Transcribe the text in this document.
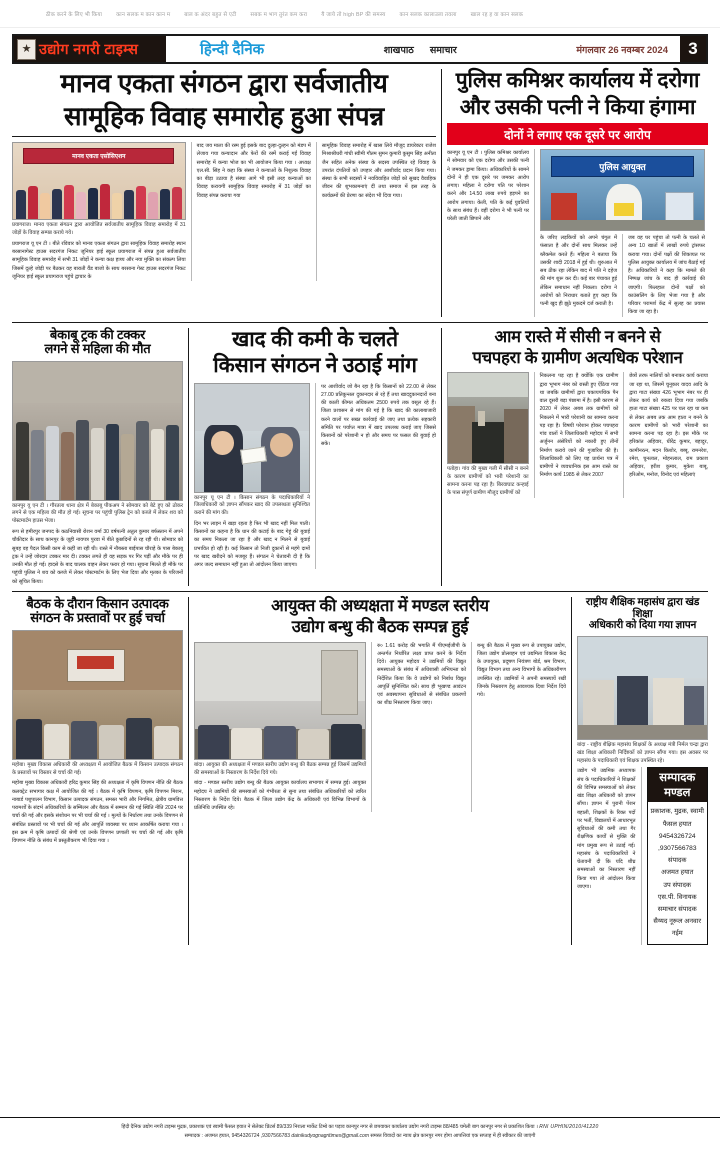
ठीक करने के लिए भी किया	कान सलक म कान कान म	बाल क अंदर बहुत से एटी	सबक म भाग तुरंत कम करा	यै जाये तो high BP की समस्य	कान सलक कालाउला तवला	खाल रह ह वा कान सलक
★ उद्योग नगरी टाइम्स	हिन्दी दैनिक	शाखपाठ समाचार	मंगलवार 26 नवम्बर 2024	3
मानव एकता संगठन द्वारा सर्वजातीय
सामूहिक विवाह समारोह हुआ संपन्न
मानव एकता एसोसिएशन
प्रयागराज। मानव एकता संगठन द्वारा आयोजित सर्वजातीय सामूहिक विवाह समारोह में 31 जोड़ों के विवाह सम्पन्न कराये गये।
प्रयागराज यू एन टी । बीते रविवार को मानव एकता संगठन द्वारा सामूहिक विवाह समारोह स्थान बरसानागेस्ट हाउस सदरगंज निकट जूनियर हाई स्कूल प्रयागराज में संपन्न हुआ सर्वजातीय सामूहिक विवाह समारोह में सभी 31 जोड़ों ने कन्या कक्ष हाथ्य और नया मुक्ति का संकल्प लिया जिसमें दूल्हे जोड़ी पर बैठकर वह बाराती वैंड बाजो के साथ बरसाना गेस्ट हाउस सदरगंज निकट जूनियर हाई स्कूल प्रयागराज पहुंचे द्वाचार के
बाद जय माला की रस्म हुई इसके बाद दुल्हा-दुल्हन को मंडप में लेजाय गया कन्यादान और फेरों की रस्में कराई गईं विवाह समारोह में कन्या भोज का भी आयोजन किया गया । अध्यक्ष एल.सी. सिंह ने कहा कि संस्था ने कन्याओं के निशुल्क विवाह का बीड़ा उठाया है संस्था आगे भी इसी तरह कन्याओं का विवाह करायगी सामूहिक विवाह समारोह में 31 जोड़ों का विवाह संपन्न कराया गया
सामूहिक विवाह समारोह में खास लिये मौजूद डायरेक्टर राजेश मिश्राश्रीधरी गांधी स्वीमी गौतम सुमन कुमारी कुसुम सिंह अनीता जैन सहित अनेक संस्था के सदस्य उपस्थित रहे विवाह के उपरांत दंपतियों को उपहार और आशीर्वाद प्रदान किया गया। संस्था के सभी सदस्यों ने नवविवाहित जोड़ों को सुखद वैवाहिक जीवन की शुभकामनाएं दीं तथा समाज में इस तरह के कार्यक्रमों की प्रेरणा का संदेश भी दिया गया।
पुलिस कमिश्नर कार्यालय में दरोगा
और उसकी पत्नी ने किया हंगामा
दोनों ने लगाए एक दूसरे पर आरोप
कानपुर यू एन टी । पुलिस कमिश्नर कार्यालय में सोमवार को एक दरोगा और उसकी पत्नी ने जमकर ड्रामा किया। अधिकारियों के सामने दोनों ने ही एक दूसरे पर जमकर आरोप लगाए। महिला ने दरोगा पति पर परेशान करने और 14.50 लाख रुपये हड़पने का आरोप लगाया। केली, पति के कई युवतियों के साथ संबंध हैं। वहीं दरोगा ने भी पत्नी पर घरेली जाती छिपाने और
पुलिस आयुक्त
के जरिए लड़कियों को अपने चंगुल में फंसाता है और दोनों साथ मिलकर उन्हें ब्लैकमेल करते हैं। महिला ने बताया कि उसकी शादी 2018 में हुई थी। शुरुआत में सब ठीक रहा लेकिन बाद में पति ने दहेज की मांग शुरू कर दी। कई बार पंचायत हुई लेकिन समाधान नहीं निकला। दरोगा ने आरोपों को निराधार बताते हुए कहा कि पत्नी खुद ही झूठे मुकदमे दर्ज कराती है।
जब वह घर पहुंचा तो पत्नी के चलते से अन्य 10 खातों में लाखों रुपये ट्रांसफर कराया गया। दोनों पक्षों की शिकायत पर पुलिस आयुक्त कार्यालय में जांच बैठाई गई है। अधिकारियों ने कहा कि मामले की निष्पक्ष जांच के बाद ही कार्रवाई की जाएगी। फिलहाल दोनों पक्षों को काउंसलिंग के लिए भेजा गया है और परिवार परामर्श केंद्र में सुलह का प्रयास किया जा रहा है।
बेकाबू ट्रक की टक्कर
लगने से महिला की मौत
कानपुर यू एन टी । गौरतला थाना क्षेत्र में बेकाबू पीकअप ने सोमवार को बेटे हुए को ठोकर लगने से एक महिला की मौत हो गई। सूचना पर पहुंची पुलिस ट्रेन को कब्जे में लेकर शव को पोस्टमार्टम हाउस भेजा।
रूप से हमीरपुर जनपद के कठनिवासी रोशन वर्मा 30 वर्षपत्नी अतुल कुमार बर्फस्तान में अपने चौकीदार के साथ कानपुर के जूही नायपत्र पुरवा में बीते कुछदिनों से रह रही थी। सोमवार को सुबह वह पैदल किसी काम से कहीं जा रही थी। रास्ते में नौबस्ता बाईपास चौराहे के पास बेकाबू ट्रक ने उन्हें जोरदार टक्कर मार दी। टक्कर लगते ही वह सड़क पर गिर पड़ीं और मौके पर ही उनकी मौत हो गई। हादसे के बाद चालक वाहन लेकर फरार हो गया। सूचना मिलते ही मौके पर पहुंची पुलिस ने शव को कब्जे में लेकर पोस्टमार्टम के लिए भेज दिया और मृतका के परिजनों को सूचित किया।
खाद की कमी के चलते
किसान संगठन ने उठाई मांग
कानपुर यू एन टी । किसान संगठन के पदाधिकारियों ने जिलाधिकारी को ज्ञापन सौंपकर खाद की उपलब्धता सुनिश्चित कराने की मांग की।
दिन भर लाइन में खड़ा रहता है फिर भी खाद नहीं मिल पाती। किसानों का कहना है कि धान की कटाई के बाद गेहूं की बुवाई का समय निकला जा रहा है और खाद न मिलने से बुवाई प्रभावित हो रही है। कई किसान तो निजी दुकानों से महंगे दामों पर खाद खरीदने को मजबूर हैं। संगठन ने चेतावनी दी है कि अगर जल्द समाधान नहीं हुआ तो आंदोलन किया जाएगा।
पर आशीर्वाद जो बैन रहा है कि किसानों को 22.00 से लेकर 27.00 प्रतिकुन्तल दुकानदार से रहे हैं तथा खाददुकानदारों बना की काली कीमत अधिकतम 2500 रुपये तक वसूल रहे हैं। जिला प्रशासन से मांग की गई है कि खाद की कालाबाजारी करने वालों पर सख्त कार्रवाई की जाए तथा प्रत्येक सहकारी समिति पर पर्याप्त मात्रा में खाद उपलब्ध कराई जाए जिससे किसानों को परेशानी न हो और समय पर फसल की बुवाई हो सके।
आम रास्ते में सीसी न बनने से
पचपहरा के ग्रामीण अत्यधिक परेशान
पतोहा। गांव की मुख्य गली में सीसी न बनने के कारण ग्रामीणों को भारी परेशानी का सामना करना पड़ रहा है। बिरवाघाट कन्हाई के पास संपूर्ण ग्रामीण मौजूद ग्रामीणों को
निकलना पड़ रहा है क्योंकि एक ग्रामीण द्वारा भूभाग नंबर को रास्ती हुए ऐंठिया गया था जबकि ग्रामीणों द्वारा चकायपथिक पैन वाल दूसरी बड़ा पंछामा में है। इसी कारण से 2020 में लेकर अबब तक ग्रामीणों को निकलने में भारी परेशानी का सामना करना पड़ रहा है। विषयी परेशान होकर पचपहरा गांव वालों ने जिलाधिकारी महोदय में सभी अर्जुनन अंसेरियों को नकारी हुए तीनों निर्माण कराये जाने की गुजारिश की है। जिलाधिकारी को लिए यह प्रार्थना पत्र में ग्रामीणों ने व्यवधानिक इस आम रास्ते का निर्माण कार्य 1985 से लेकर 2007
छेत्रों तरफ नालियों को बनाकर कार्य कराया जा रहा था, जिसमें चुनूकार यादव आदि के द्वारा गाटा संख्या 426 भूभाग नंबर पर ही लेकर कार्य को रुकवा दिया गया जबकि हाता गाटा संख्या 425 पर चल रहा था कब से लेकर अबब तक आम हाता न बनने के कारण ग्रामीणों को भारी परेशानी का सामना करना पड़ रहा है। इस मौके पर हरिकांत अहिवार, धीरेंद्र कुमार, बहादुर, कामीनरत्न, मदन किशोर, बब्बू, रामनरेश, रमेश, चुनलाल, मोहनलाल, राम प्रकाश अहिवार, हरीश कुमार, मुकेश बाबू, हरिओम, मनोज, विनोद एवं महिलाएं
बैठक के दौरान किसान उत्पादक
संगठन के प्रस्तावों पर हुई चर्चा
महोबा। मुख्य विकास अधिकारी की अध्यक्षता में आयोजित बैठक में किसान उत्पादक संगठन के प्रस्तावों पर विस्तार से चर्चा की गई।
महोबा मुख्य विकास अधिकारी हरिद्र कुमार सिंह की अध्यक्षता में कृषि विपणन नीति की बैठक कलक्ट्रेट सभागार कक्ष में आयोजित की गई । बैठक में कृषि विपणन, कृषि विपणन मिशन, नाबार्ड पशुपालन विभाग, किसान उत्पादक संगठन, समस्त भारी और निगमित, क्षेत्रीय ग्रामवित्त परामर्शों के संदर्भ अधिकारियों के सम्मिलन और बैठक में सम्मान की गई स्थिति नीति 2024 पर चर्चा की गई और इसके संशोधन पर भी चर्चा की गई । मूल्यों के निर्धारण तथा उनके विपणन से संबंधित प्रस्तावों पर भी चर्चा की गई और आपूर्ति व्यवस्था पर ध्यान आकर्षित कराया गया । इस क्रम में कृषि उत्पादों की श्रेणी एवं उनके विपणन प्रणाली पर चर्चा की गई और कृषि विपणन नीति के संबंध में प्रस्तुतीकरण भी दिया गया ।
आयुक्त की अध्यक्षता में मण्डल स्तरीय
उद्योग बन्धु की बैठक सम्पन्न हुई
बांदा। आयुक्त की अध्यक्षता में मण्डल स्तरीय उद्योग बन्धु की बैठक सम्पन्न हुई जिसमें उद्यमियों की समस्याओं के निस्तारण के निर्देश दिये गये।
बांदा - मण्डल स्तरीय उद्योग बन्धु की बैठक आयुक्त कार्यालय सभागार में सम्पन्न हुई। आयुक्त महोदय ने उद्यमियों की समस्याओं को गंभीरता से सुना तथा संबंधित अधिकारियों को त्वरित निस्तारण के निर्देश दिये। बैठक में जिला उद्योग केंद्र के अधिकारी एवं विभिन्न विभागों के प्रतिनिधि उपस्थित रहे।
रु० 1.61 करोड़ की भगाति मैं पीएमईजीपी के अन्तर्गत निर्धारित लक्ष्य प्राप्त करने के निर्देश दिये। आयुक्त महोदय ने उद्यमियों की विद्युत समस्याओं के संबंध में अधिशासी अभियन्ता को निर्देशित किया कि वे उद्योगों को निर्बाध विद्युत आपूर्ति सुनिश्चित करें। साथ ही भूखण्ड आवंटन एवं अवस्थापना सुविधाओं से संबंधित प्रकरणों का शीघ्र निस्तारण किया जाए।
बन्धु की बैठक में मुख्य रूप से उपायुक्त उद्योग, जिला उद्योग प्रोत्साहन एवं उद्यमिता विकास केंद्र के उपायुक्त, प्रदूषण नियंत्रण बोर्ड, श्रम विभाग, विद्युत विभाग तथा अन्य विभागों के अधिकारीगण उपस्थित रहे। उद्यमियों ने अपनी समस्यायें रखीं जिनके निस्तारण हेतु आवश्यक दिशा निर्देश दिये गये।
राष्ट्रीय शैक्षिक महासंघ द्वारा खंड शिक्षा
अधिकारी को दिया गया ज्ञापन
बांदा - राष्ट्रीय शैक्षिक महासंघ शिक्षकों के अध्यक्ष मंत्री निर्मल चन्द्रा द्वारा खंड शिक्षा अधिकारी निर्दिष्टकों को ज्ञापन सौंपा गया। इस अवसर पर महासंघ के पदाधिकारी एवं शिक्षक उपस्थित रहे।
उद्योग भी उद्यमिक अध्यापक संघ के पदाधिकारियों ने शिक्षकों की विभिन्न समस्याओं को लेकर खंड शिक्षा अधिकारी को ज्ञापन सौंपा। ज्ञापन में पुरानी पेंशन बहाली, शिक्षकों के रिक्त पदों पर भर्ती, विद्यालयों में आधारभूत सुविधाओं की कमी तथा गैर शैक्षणिक कार्यों से मुक्ति की मांग प्रमुख रूप से उठाई गई। महासंघ के पदाधिकारियों ने चेतावनी दी कि यदि शीघ्र समस्याओं का निस्तारण नहीं किया गया तो आंदोलन किया जाएगा।
सम्पादक मण्डल
प्रकाशक, मुद्रक, स्वामी
फैसल हयात
9454326724
,9307566783
संपादक
अजमत हयात
उप संपादक
एस.पी. विनायक
समाचार संपादक
सैय्यद नूरूल अनवार
नईम
हिंदी दैनिक उद्योग नगरी टाइम्स मुद्रक, प्रकाशक एवं स्वामी फैसल हयात ने सेलेक्ट प्रिंटर्स 89/339 निराला मार्केट टिम्बे का पड़ाव कानपुर नगर से छपवाकर कार्यालय उद्योग नगरी टाइम्स 88/485 चमेली बाग कानपुर नगर से प्रकाशित किया । RNI UPHIN/2010/41220
सम्पादक : अजमत हयात, 9454326724 ,9307566783 dainikudyognagritimes@gmail.com समस्त विवादों का न्याय क्षेत्र कानपुर नगर होगा आपत्तियां एक सप्ताह में ही स्वीकार की जाएंगी
